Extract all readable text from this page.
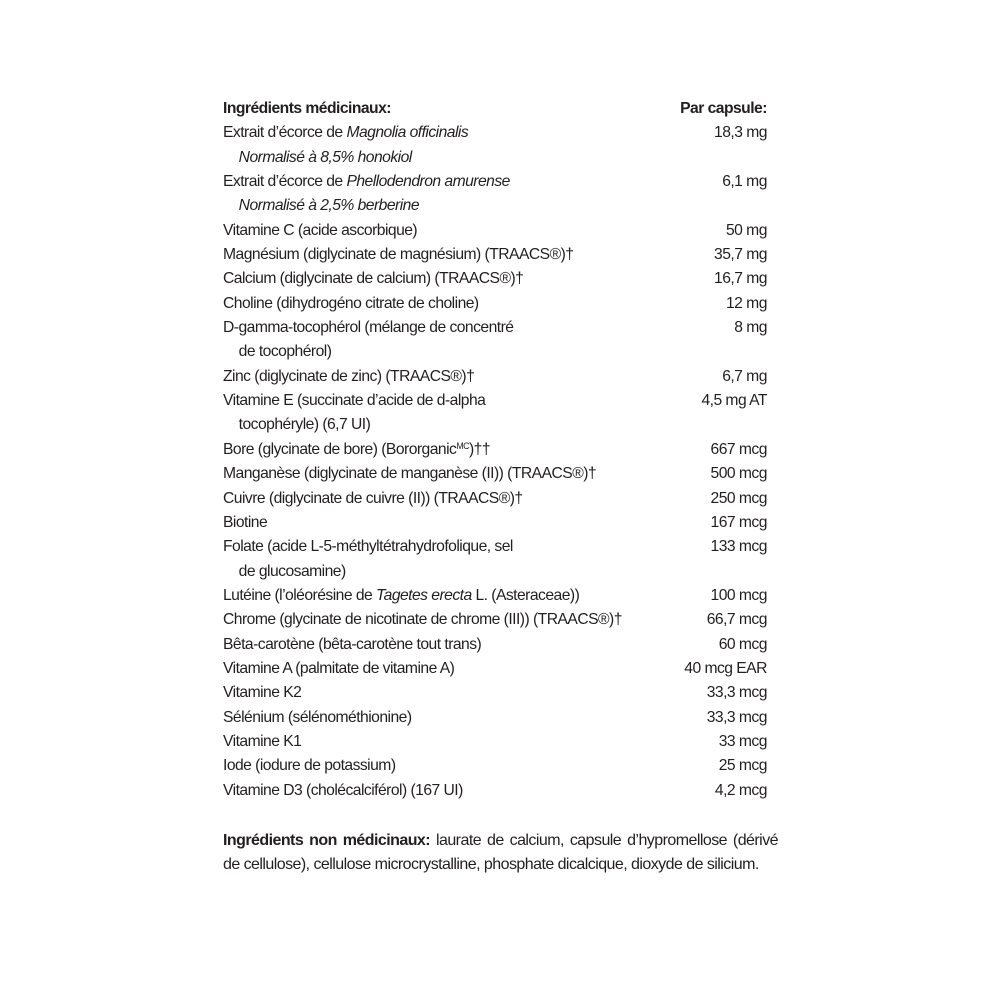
Ingrédients médicinaux:	Par capsule:
Extrait d’écorce de Magnolia officinalis	18,3 mg
Normalisé à 8,5% honokiol
Extrait d’écorce de Phellodendron amurense	6,1 mg
Normalisé à 2,5% berberine
Vitamine C (acide ascorbique)	50 mg
Magnésium (diglycinate de magnésium) (TRAACS®)†	35,7 mg
Calcium (diglycinate de calcium) (TRAACS®)†	16,7 mg
Choline (dihydrogéno citrate de choline)	12 mg
D-gamma-tocophérol (mélange de concentré	8 mg
de tocophérol)
Zinc (diglycinate de zinc) (TRAACS®)†	6,7 mg
Vitamine E (succinate d’acide de d-alpha	4,5 mg AT
tocophéryle) (6,7 UI)
Bore (glycinate de bore) (Bororganic$^{MC}$)††	667 mcg
Manganèse (diglycinate de manganèse (II)) (TRAACS®)†	500 mcg
Cuivre (diglycinate de cuivre (II)) (TRAACS®)†	250 mcg
Biotine	167 mcg
Folate (acide L-5-méthyltétrahydrofolique, sel	133 mcg
de glucosamine)
Lutéine (l’oléorésine de Tagetes erecta L. (Asteraceae))	100 mcg
Chrome (glycinate de nicotinate de chrome (III)) (TRAACS®)†	66,7 mcg
Bêta-carotène (bêta-carotène tout trans)	60 mcg
Vitamine A (palmitate de vitamine A)	40 mcg EAR
Vitamine K2	33,3 mcg
Sélénium (sélénométhionine)	33,3 mcg
Vitamine K1	33 mcg
Iode (iodure de potassium)	25 mcg
Vitamine D3 (cholécalciférol) (167 UI)	4,2 mcg

Ingrédients non médicinaux: laurate de calcium, capsule d’hypromellose (dérivé de cellulose), cellulose microcrystalline, phosphate dicalcique, dioxyde de silicium.
